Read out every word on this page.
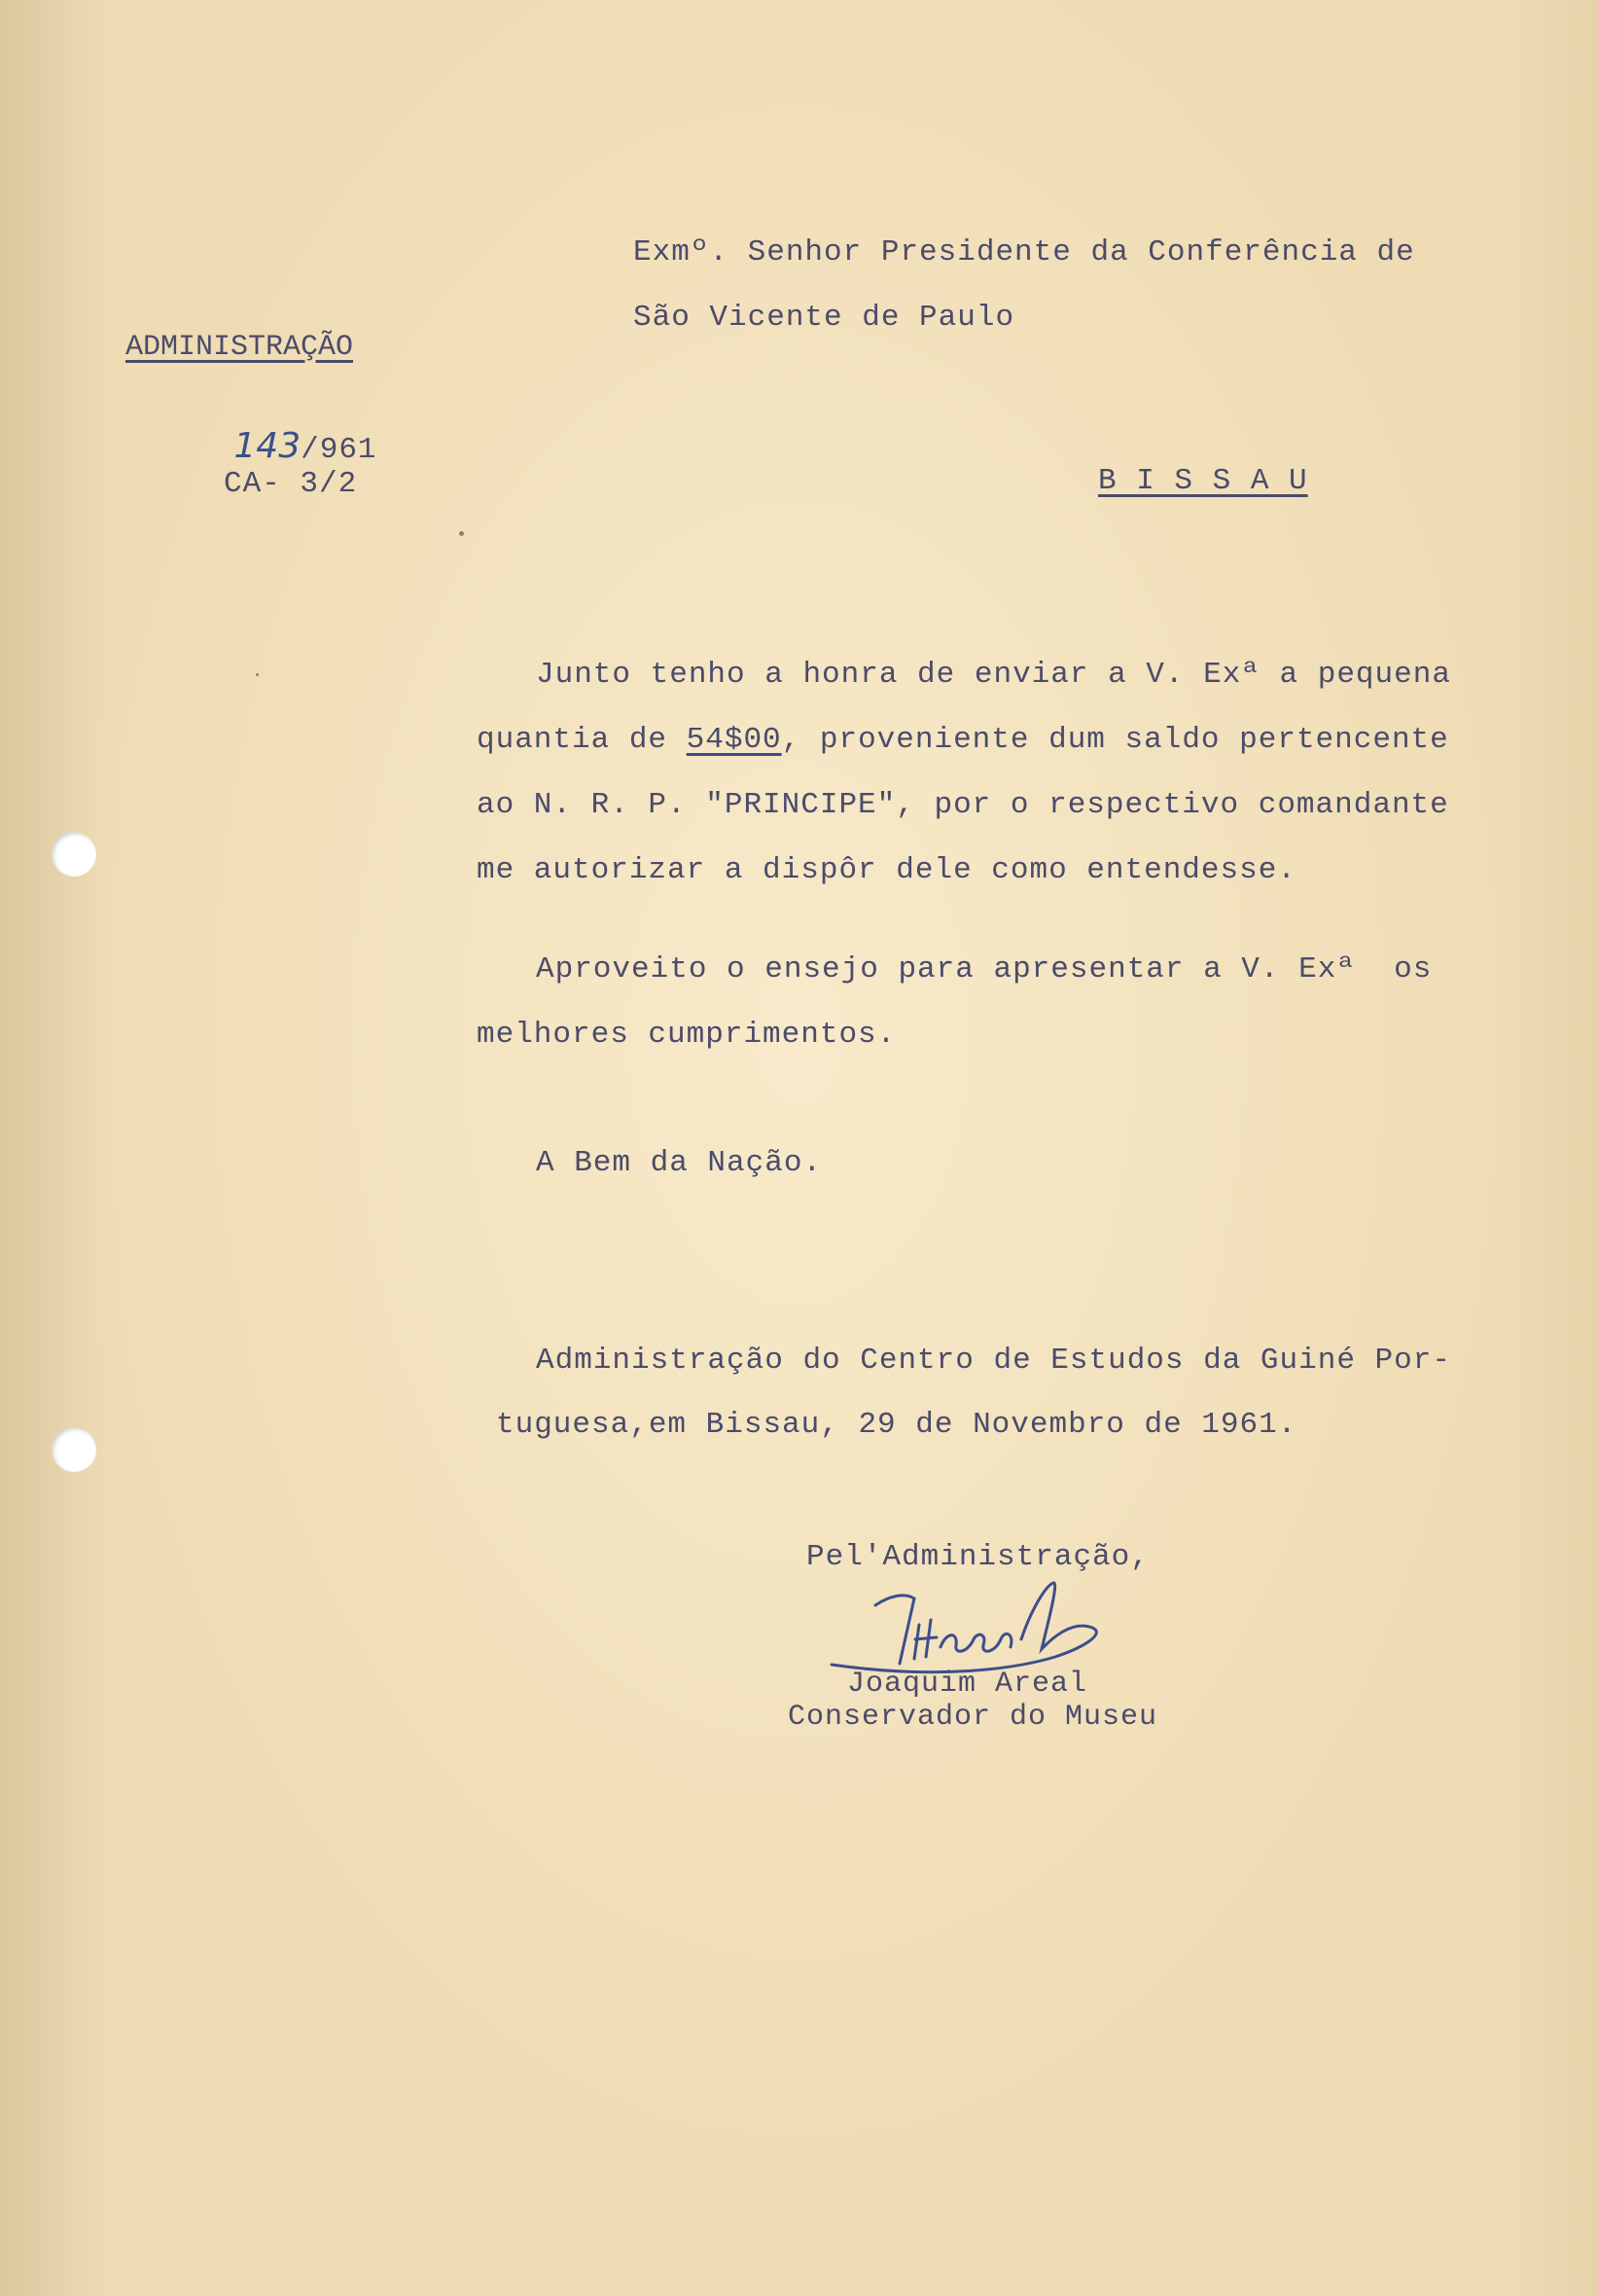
Exmº. Senhor Presidente da Conferência de
São Vicente de Paulo
ADMINISTRAÇÃO

143/961

CA- 3/2	B I S S A U
Junto tenho a honra de enviar a V. Exª a pequena
quantia de 54$00, proveniente dum saldo pertencente
ao N. R. P. "PRINCIPE", por o respectivo comandante
me autorizar a dispôr dele como entendesse.
Aproveito o ensejo para apresentar a V. Exª  os
melhores cumprimentos.
A Bem da Nação.
Administração do Centro de Estudos da Guiné Por-
tuguesa,em Bissau, 29 de Novembro de 1961.
Pel'Administração,
Joaquim Areal
Conservador do Museu
